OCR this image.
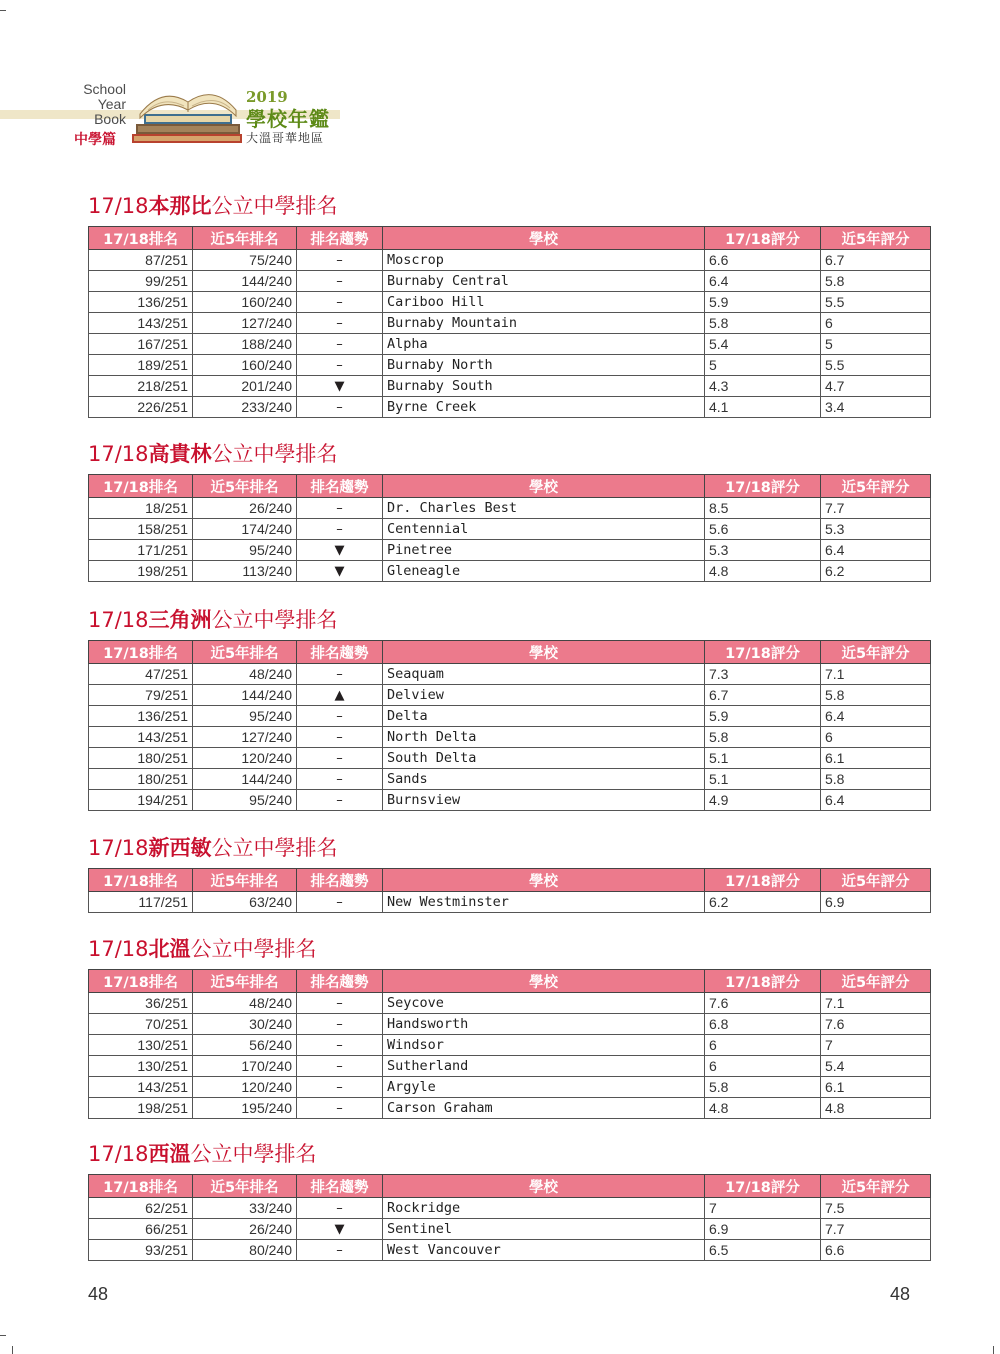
School
Year
Book
中學篇
2019
學校年鑑
大溫哥華地區
17/18本那比公立中學排名
17/18排名	近5年排名	排名趨勢	學校	17/18評分	近5年評分
87/251	75/240	–	Moscrop	6.6	6.7
99/251	144/240	–	Burnaby Central	6.4	5.8
136/251	160/240	–	Cariboo Hill	5.9	5.5
143/251	127/240	–	Burnaby Mountain	5.8	6
167/251	188/240	–	Alpha	5.4	5
189/251	160/240	–	Burnaby North	5	5.5
218/251	201/240	▼	Burnaby South	4.3	4.7
226/251	233/240	–	Byrne Creek	4.1	3.4
17/18高貴林公立中學排名
17/18排名	近5年排名	排名趨勢	學校	17/18評分	近5年評分
18/251	26/240	–	Dr. Charles Best	8.5	7.7
158/251	174/240	–	Centennial	5.6	5.3
171/251	95/240	▼	Pinetree	5.3	6.4
198/251	113/240	▼	Gleneagle	4.8	6.2
17/18三角洲公立中學排名
17/18排名	近5年排名	排名趨勢	學校	17/18評分	近5年評分
47/251	48/240	–	Seaquam	7.3	7.1
79/251	144/240	▲	Delview	6.7	5.8
136/251	95/240	–	Delta	5.9	6.4
143/251	127/240	–	North Delta	5.8	6
180/251	120/240	–	South Delta	5.1	6.1
180/251	144/240	–	Sands	5.1	5.8
194/251	95/240	–	Burnsview	4.9	6.4
17/18新西敏公立中學排名
17/18排名	近5年排名	排名趨勢	學校	17/18評分	近5年評分
117/251	63/240	–	New Westminster	6.2	6.9
17/18北溫公立中學排名
17/18排名	近5年排名	排名趨勢	學校	17/18評分	近5年評分
36/251	48/240	–	Seycove	7.6	7.1
70/251	30/240	–	Handsworth	6.8	7.6
130/251	56/240	–	Windsor	6	7
130/251	170/240	–	Sutherland	6	5.4
143/251	120/240	–	Argyle	5.8	6.1
198/251	195/240	–	Carson Graham	4.8	4.8
17/18西溫公立中學排名
17/18排名	近5年排名	排名趨勢	學校	17/18評分	近5年評分
62/251	33/240	–	Rockridge	7	7.5
66/251	26/240	▼	Sentinel	6.9	7.7
93/251	80/240	–	West Vancouver	6.5	6.6
48	48
